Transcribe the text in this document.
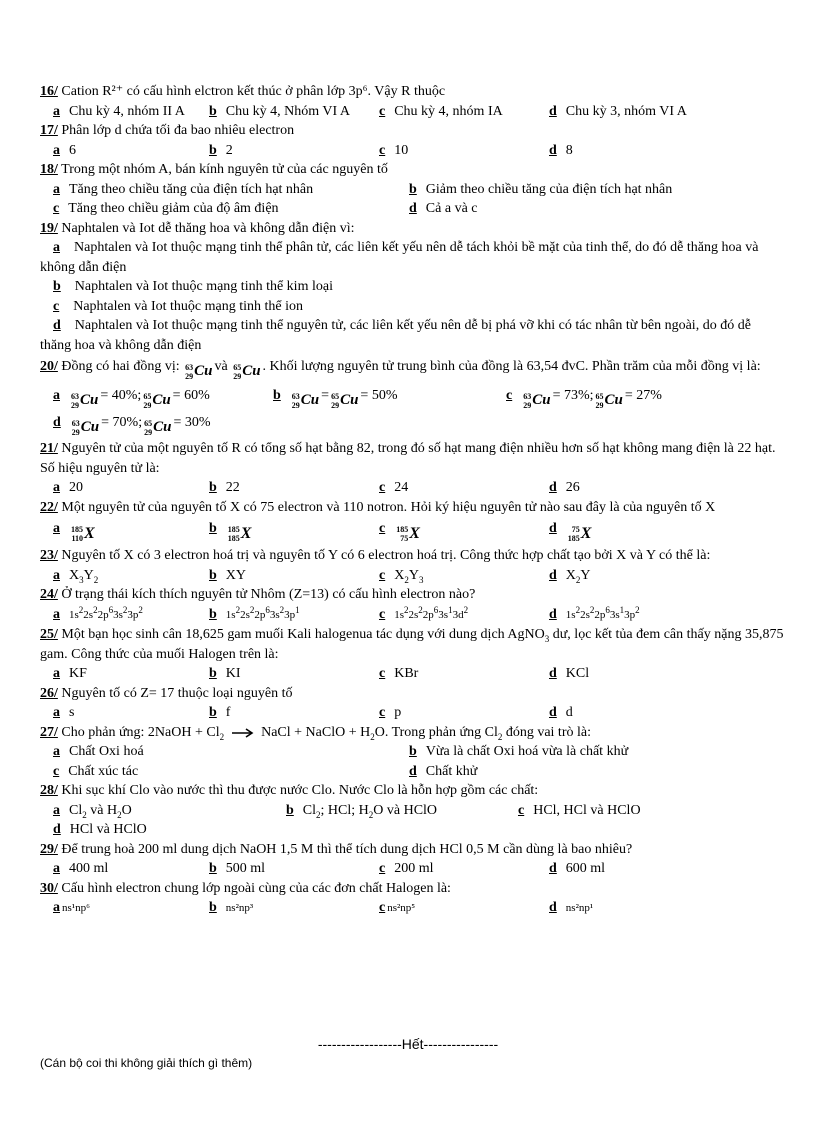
16/ Cation R²⁺ có cấu hình elctron kết thúc ở phân lớp 3p⁶. Vậy R thuộc
a Chu kỳ 4, nhóm II A b Chu kỳ 4, Nhóm VI A c Chu kỳ 4, nhóm IA	d Chu kỳ 3, nhóm VI A
17/ Phân lớp d chứa tối đa bao nhiêu electron
a 6	b 2	c 10	d 8
18/ Trong một nhóm A, bán kính nguyên tử của các nguyên tố
a Tăng theo chiều tăng của điện tích hạt nhân	b Giảm theo chiều tăng của điện tích hạt nhân
c Tăng theo chiều giảm của độ âm điện	d Cả a và c
19/ Naphtalen và Iot dễ thăng hoa và không dẫn điện vì:
a Naphtalen và Iot thuộc mạng tinh thể phân tử, các liên kết yếu nên dễ tách khỏi bề mặt của tinh thể, do đó dễ thăng hoa và không dẫn điện
b Naphtalen và Iot thuộc mạng tinh thể kim loại
c Naphtalen và Iot thuộc mạng tinh thể ion
d Naphtalen và Iot thuộc mạng tinh thể nguyên tử, các liên kết yếu nên dễ bị phá vỡ khi có tác nhân từ bên ngoài, do đó dễ thăng hoa và không dẫn điện
20/ Đồng có hai đồng vị: 63
29 Cu và 65
29 Cu . Khối lượng nguyên tử trung bình của đồng là 63,54 đvC. Phần trăm của mỗi đồng vị là:
a 63
29 Cu = 40%; 65
29 Cu = 60%	b 63
29 Cu = 65
29 Cu = 50%	c 63
29 Cu = 73%; 65
29 Cu = 27%
d 63
29 Cu = 70%; 65
29 Cu = 30%
21/ Nguyên tử của một nguyên tố R có tổng số hạt bằng 82, trong đó số hạt mang điện nhiều hơn số hạt không mang điện là 22 hạt. Số hiệu nguyên tử là:
a 20	b 22	c 24	d 26
22/ Một nguyên tử của nguyên tố X có 75 electron và 110 notron. Hỏi ký hiệu nguyên tử nào sau đây là của nguyên tố X
a 185
110 X	b 185
185 X	c 185
75 X	d 75
185 X
23/ Nguyên tố X có 3 electron hoá trị và nguyên tố Y có 6 electron hoá trị. Công thức hợp chất tạo bởi X và Y có thể là:
a $X_3Y_2$	b XY	c $X_2Y_3$	d $X_2Y$
24/ Ở trạng thái kích thích nguyên tử Nhôm (Z=13) có cấu hình electron nào?
a $1s^22s^22p^63s^23p^2$	b $1s^22s^22p^63s^23p^1$	c $1s^22s^22p^63s^13d^2$	d $1s^22s^22p^63s^13p^2$
25/ Một bạn học sinh cân 18,625 gam muối Kali halogenua tác dụng với dung dịch AgNO$_3$ dư, lọc kết tủa đem cân thấy nặng 35,875 gam. Công thức của muối Halogen trên là:
a KF	b KI	c KBr	d KCl
26/ Nguyên tố có Z= 17 thuộc loại nguyên tố
a s	b f	c p	d d
27/ Cho phản ứng: 2NaOH + $Cl_2$ → NaCl + NaClO + $H_2O$. Trong phản ứng $Cl_2$ đóng vai trò là:
a Chất Oxi hoá	b Vừa là chất Oxi hoá vừa là chất khử
c Chất xúc tác	d Chất khử
28/ Khi sục khí Clo vào nước thì thu được nước Clo. Nước Clo là hỗn hợp gồm các chất:
a $Cl_2$ và $H_2O$	b $Cl_2$; HCl; $H_2O$ và HClO	c HCl, HCl và HClO
d HCl và HClO
29/ Để trung hoà 200 ml dung dịch NaOH 1,5 M thì thể tích dung dịch HCl 0,5 M cần dùng là bao nhiêu?
a 400 ml	b 500 ml	c 200 ml	d 600 ml
30/ Cấu hình electron chung lớp ngoài cùng của các đơn chất Halogen là:
a ns¹np⁶	b ns²np³	c ns²np⁵	d ns²np¹
------------------Hết----------------
(Cán bộ coi thi không giải thích gì thêm)
